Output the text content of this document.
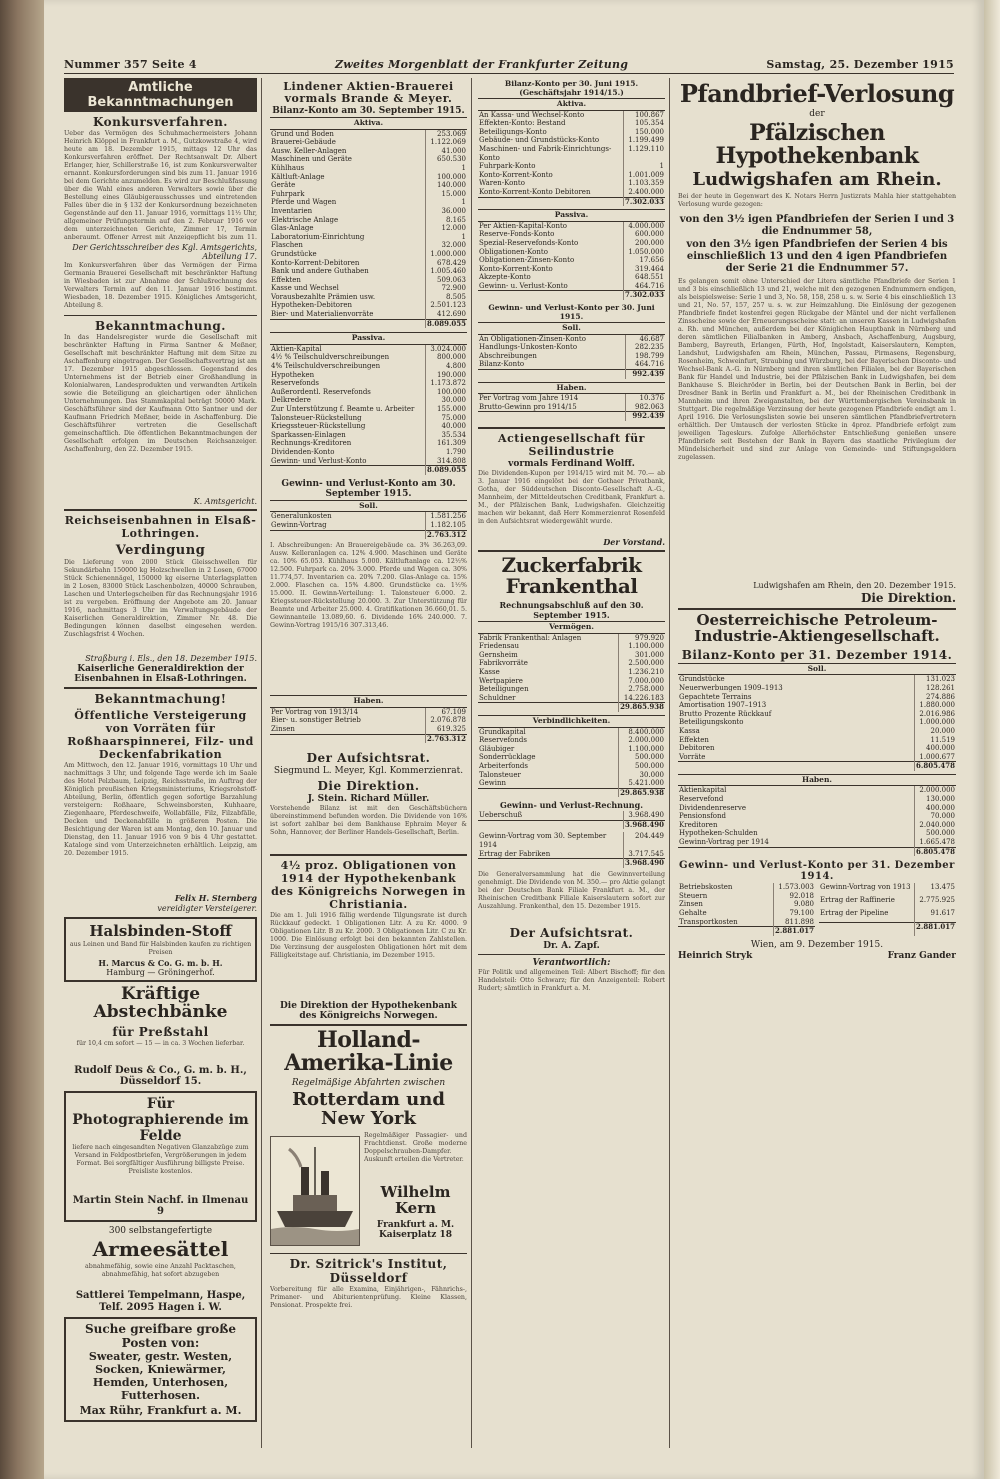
Nummer 357 Seite 4	Zweites Morgenblatt der Frankfurter Zeitung	Samstag, 25. Dezember 1915
Amtliche Bekanntmachungen
Konkursverfahren.
Ueber das Vermögen des Schuhmachermeisters Johann Heinrich Klöppel in Frankfurt a. M., Gutzkowstraße 4, wird heute am 18. Dezember 1915, mittags 12 Uhr das Konkursverfahren eröffnet. Der Rechtsanwalt Dr. Albert Erlanger, hier, Schillerstraße 16, ist zum Konkursverwalter ernannt. Konkursforderungen sind bis zum 11. Januar 1916 bei dem Gerichte anzumelden. Es wird zur Beschlußfassung über die Wahl eines anderen Verwalters sowie über die Bestellung eines Gläubigerausschusses und eintretenden Falles über die in § 132 der Konkursordnung bezeichneten Gegenstände auf den 11. Januar 1916, vormittags 11½ Uhr, allgemeiner Prüfungstermin auf den 2. Februar 1916 vor dem unterzeichneten Gerichte, Zimmer 17, Termin anberaumt. Offener Arrest mit Anzeigepflicht bis zum 11.
Der Gerichtsschreiber des Kgl. Amtsgerichts, Abteilung 17.
Im Konkursverfahren über das Vermögen der Firma Germania Brauerei Gesellschaft mit beschränkter Haftung in Wiesbaden ist zur Abnahme der Schlußrechnung des Verwalters Termin auf den 11. Januar 1916 bestimmt. Wiesbaden, 18. Dezember 1915. Königliches Amtsgericht, Abteilung 8.
Bekanntmachung.
In das Handelsregister wurde die Gesellschaft mit beschränkter Haftung in Firma Santner & Meßner, Gesellschaft mit beschränkter Haftung mit dem Sitze zu Aschaffenburg eingetragen. Der Gesellschaftsvertrag ist am 17. Dezember 1915 abgeschlossen. Gegenstand des Unternehmens ist der Betrieb einer Großhandlung in Kolonialwaren, Landesprodukten und verwandten Artikeln sowie die Beteiligung an gleichartigen oder ähnlichen Unternehmungen. Das Stammkapital beträgt 50000 Mark. Geschäftsführer sind der Kaufmann Otto Santner und der Kaufmann Friedrich Meßner, beide in Aschaffenburg. Die Geschäftsführer vertreten die Gesellschaft gemeinschaftlich. Die öffentlichen Bekanntmachungen der Gesellschaft erfolgen im Deutschen Reichsanzeiger. Aschaffenburg, den 22. Dezember 1915.
K. Amtsgericht.
Reichseisenbahnen in Elsaß-Lothringen.
Verdingung
Die Lieferung von 2000 Stück Gleisschwellen für Sekundärbahn 150000 kg Holzschwellen in 2 Losen, 67000 Stück Schienennägel, 150000 kg eiserne Unterlagsplatten in 2 Losen, 83000 Stück Laschenbolzen, 40000 Schrauben, Laschen und Unterlegscheiben für das Rechnungsjahr 1916 ist zu vergeben. Eröffnung der Angebote am 20. Januar 1916, nachmittags 3 Uhr im Verwaltungsgebäude der Kaiserlichen Generaldirektion, Zimmer Nr. 48. Die Bedingungen können daselbst eingesehen werden. Zuschlagsfrist 4 Wochen.
Straßburg i. Els., den 18. Dezember 1915.
Kaiserliche Generaldirektion der Eisenbahnen in Elsaß-Lothringen.
Bekanntmachung!
Öffentliche Versteigerung von Vorräten für Roßhaarspinnerei, Filz- und Deckenfabrikation
Am Mittwoch, den 12. Januar 1916, vormittags 10 Uhr und nachmittags 3 Uhr, und folgende Tage werde ich im Saale des Hotel Pelzbaum, Leipzig, Reichsstraße, im Auftrag der Königlich preußischen Kriegsministeriums, Kriegsrohstoff-Abteilung, Berlin, öffentlich gegen sofortige Barzahlung versteigern: Roßhaare, Schweinsborsten, Kuhhaare, Ziegenhaare, Pferdeschweife, Wollabfälle, Filz, Filzabfälle, Decken und Deckenabfälle in größeren Posten. Die Besichtigung der Waren ist am Montag, den 10. Januar und Dienstag, den 11. Januar 1916 von 9 bis 4 Uhr gestattet. Kataloge sind vom Unterzeichneten erhältlich. Leipzig, am 20. Dezember 1915.
Felix H. Sternberg
vereidigter Versteigerer.
Halsbinden-Stoff
aus Leinen und Band für Halsbinden kaufen zu richtigen Preisen
H. Marcus & Co. G. m. b. H.
Hamburg — Gröningerhof.
Kräftige Abstechbänke
für Preßstahl
für 10,4 cm sofort — 15 — in ca. 3 Wochen lieferbar.
Rudolf Deus & Co., G. m. b. H., Düsseldorf 15.
Für Photographierende im Felde
liefere nach eingesandten Negativen Glanzabzüge zum Versand in Feldpostbriefen, Vergrößerungen in jedem Format. Bei sorgfältiger Ausführung billigste Preise. Preisliste kostenlos.
Martin Stein Nachf. in Ilmenau 9
300 selbstangefertigte
Armeesättel
abnahmefähig, sowie eine Anzahl Packtaschen, abnahmefähig, hat sofort abzugeben
Sattlerei Tempelmann, Haspe,
Telf. 2095 Hagen i. W.
Suche greifbare große Posten von:
Sweater, gestr. Westen, Socken, Kniewärmer, Hemden, Unterhosen, Futterhosen.
Max Rühr, Frankfurt a. M.
Lindener Aktien-Brauerei vormals Brande & Meyer.
Bilanz-Konto am 30. September 1915.
Aktiva.	
Grund und Boden	253.069
Brauerei-Gebäude	1.122.069
Ausw. Keller-Anlagen	41.000
Maschinen und Geräte	650.530
Kühlhaus	1
Kältluft-Anlage	100.000
Geräte	140.000
Fuhrpark	15.000
Pferde und Wagen	1
Inventarien	36.000
Elektrische Anlage	8.165
Glas-Anlage	12.000
Laboratorium-Einrichtung	1
Flaschen	32.000
Grundstücke	1.000.000
Konto-Korrent-Debitoren	678.429
Bank und andere Guthaben	1.005.460
Effekten	509.063
Kasse und Wechsel	72.900
Vorausbezahlte Prämien usw.	8.505
Hypotheken-Debitoren	2.501.123
Bier- und Materialienvorräte	412.690
	8.089.055
Passiva.	
Aktien-Kapital	3.024.000
4½ % Teilschuldverschreibungen	800.000
4% Teilschuldverschreibungen	4.800
Hypotheken	190.000
Reservefonds	1.173.872
Außerordentl. Reservefonds	100.000
Delkredere	30.000
Zur Unterstützung f. Beamte u. Arbeiter	155.000
Talonsteuer-Rückstellung	75.000
Kriegssteuer-Rückstellung	40.000
Sparkassen-Einlagen	35.534
Rechnungs-Kreditoren	161.309
Dividenden-Konto	1.790
Gewinn- und Verlust-Konto	314.808
	8.089.055
Gewinn- und Verlust-Konto am 30. September 1915.
Soll.	
Generalunkosten	1.581.256
Gewinn-Vortrag	1.182.105
	2.763.312
I. Abschreibungen: An Brauereigebäude ca. 3% 36.263,09. Ausw. Kelleranlagen ca. 12% 4.900. Maschinen und Geräte ca. 10% 65.053. Kühlhaus 5.000. Kältluftanlage ca. 12½% 12.500. Fuhrpark ca. 20% 3.000. Pferde und Wagen ca. 30% 11.774,57. Inventarien ca. 20% 7.200. Glas-Anlage ca. 15% 2.000. Flaschen ca. 15% 4.800. Grundstücke ca. 1½% 15.000. II. Gewinn-Verteilung: 1. Talonsteuer 6.000. 2. Kriegssteuer-Rückstellung 20.000. 3. Zur Unterstützung für Beamte und Arbeiter 25.000. 4. Gratifikationen 36.660,01. 5. Gewinnanteile 13.089,60. 6. Dividende 16% 240.000. 7. Gewinn-Vortrag 1915/16 307.313,46.
Haben.	
Per Vortrag von 1913/14	67.109
Bier- u. sonstiger Betrieb	2.076.878
Zinsen	619.325
	2.763.312
Der Aufsichtsrat.
Siegmund L. Meyer, Kgl. Kommerzienrat.
Die Direktion.
J. Stein. Richard Müller.
Vorstehende Bilanz ist mit den Geschäftsbüchern übereinstimmend befunden worden. Die Dividende von 16% ist sofort zahlbar bei dem Bankhause Ephraim Meyer & Sohn, Hannover, der Berliner Handels-Gesellschaft, Berlin.
4½ proz. Obligationen von 1914 der Hypothekenbank des Königreichs Norwegen in Christiania.
Die am 1. Juli 1916 fällig werdende Tilgungsrate ist durch Rückkauf gedeckt. 1 Obligationen Litr. A zu Kr. 4000. 9 Obligationen Litr. B zu Kr. 2000. 3 Obligationen Litr. C zu Kr. 1000. Die Einlösung erfolgt bei den bekannten Zahlstellen. Die Verzinsung der ausgelosten Obligationen hört mit dem Fälligkeitstage auf. Christiania, im Dezember 1915.
Die Direktion der Hypothekenbank des Königreichs Norwegen.
Holland-Amerika-Linie
Regelmäßige Abfahrten zwischen
Rotterdam und New York
Regelmäßiger Passagier- und Frachtdienst. Große moderne Doppelschrauben-Dampfer. Auskunft erteilen die Vertreter.
Wilhelm Kern
Frankfurt a. M. Kaiserplatz 18
Dr. Szitrick's Institut, Düsseldorf
Vorbereitung für alle Examina, Einjährigen-, Fähnrichs-, Primaner- und Abiturientenprüfung. Kleine Klassen, Pensionat. Prospekte frei.
Bilanz-Konto per 30. Juni 1915. (Geschäftsjahr 1914/15.)
Aktiva.	
An Kassa- und Wechsel-Konto	100.867
Effekten-Konto: Bestand	105.354
Beteiligungs-Konto	150.000
Gebäude- und Grundstücks-Konto	1.199.499
Maschinen- und Fabrik-Einrichtungs-Konto	1.129.110
Fuhrpark-Konto	1
Konto-Korrent-Konto	1.001.009
Waren-Konto	1.103.359
Konto-Korrent-Konto Debitoren	2.400.000
	7.302.033
Passiva.	
Per Aktien-Kapital-Konto	4.000.000
Reserve-Fonds-Konto	600.000
Spezial-Reservefonds-Konto	200.000
Obligationen-Konto	1.050.000
Obligationen-Zinsen-Konto	17.656
Konto-Korrent-Konto	319.464
Akzepte-Konto	648.551
Gewinn- u. Verlust-Konto	464.716
	7.302.033
Gewinn- und Verlust-Konto per 30. Juni 1915.
Soll.	
An Obligationen-Zinsen-Konto	46.687
Handlungs-Unkosten-Konto	282.235
Abschreibungen	198.799
Bilanz-Konto	464.716
	992.439
Haben.	
Per Vortrag vom Jahre 1914	10.376
Brutto-Gewinn pro 1914/15	982.063
	992.439
Actiengesellschaft für Seilindustrie
vormals Ferdinand Wolff.
Die Dividenden-Kupon per 1914/15 wird mit M. 70.— ab 3. Januar 1916 eingelöst bei der Gothaer Privatbank, Gotha, der Süddeutschen Disconto-Gesellschaft A.-G., Mannheim, der Mitteldeutschen Creditbank, Frankfurt a. M., der Pfälzischen Bank, Ludwigshafen. Gleichzeitig machen wir bekannt, daß Herr Kommerzienrat Rosenfeld in den Aufsichtsrat wiedergewählt wurde.
Der Vorstand.
Zuckerfabrik Frankenthal
Rechnungsabschluß auf den 30. September 1915.
Vermögen.	
Fabrik Frankenthal: Anlagen	979.920
Friedensau	1.100.000
Gernsheim	301.000
Fabrikvorräte	2.500.000
Kasse	1.236.210
Wertpapiere	7.000.000
Beteiligungen	2.758.000
Schuldner	14.226.183
	29.865.938
Verbindlichkeiten.	
Grundkapital	8.400.000
Reservefonds	2.000.000
Gläubiger	1.100.000
Sonderrücklage	500.000
Arbeiterfonds	500.000
Talonsteuer	30.000
Gewinn	5.421.000
	29.865.938
Gewinn- und Verlust-Rechnung.
Ueberschuß	3.968.490
	3.968.490
Gewinn-Vortrag vom 30. September 1914	204.449
Ertrag der Fabriken	3.717.545
	3.968.490
Die Generalversammlung hat die Gewinnverteilung genehmigt. Die Dividende von M. 350.— pro Aktie gelangt bei der Deutschen Bank Filiale Frankfurt a. M., der Rheinischen Creditbank Filiale Kaiserslautern sofort zur Auszahlung. Frankenthal, den 15. Dezember 1915.
Der Aufsichtsrat.
Dr. A. Zapf.
Verantwortlich:
Für Politik und allgemeinen Teil: Albert Bischoff; für den Handelsteil: Otto Schwarz; für den Anzeigenteil: Robert Rudert; sämtlich in Frankfurt a. M.
Pfandbrief-Verlosung
der
Pfälzischen Hypothekenbank
Ludwigshafen am Rhein.
Bei der heute in Gegenwart des K. Notars Herrn Justizrats Mahla hier stattgehabten Verlosung wurde gezogen:
von den 3½ igen Pfandbriefen der Serien I und 3 die Endnummer 58,
von den 3½ igen Pfandbriefen der Serien 4 bis einschließlich 13 und den 4 igen Pfandbriefen der Serie 21 die Endnummer 57.
Es gelangen somit ohne Unterschied der Litera sämtliche Pfandbriefe der Serien 1 und 3 bis einschließlich 13 und 21, welche mit den gezogenen Endnummern endigen, als beispielsweise: Serie 1 und 3, No. 58, 158, 258 u. s. w. Serie 4 bis einschließlich 13 und 21, No. 57, 157, 257 u. s. w. zur Heimzahlung. Die Einlösung der gezogenen Pfandbriefe findet kostenfrei gegen Rückgabe der Mäntel und der nicht verfallenen Zinsscheine sowie der Erneuerungsscheine statt: an unseren Kassen in Ludwigshafen a. Rh. und München, außerdem bei der Königlichen Hauptbank in Nürnberg und deren sämtlichen Filialbanken in Amberg, Ansbach, Aschaffenburg, Augsburg, Bamberg, Bayreuth, Erlangen, Fürth, Hof, Ingolstadt, Kaiserslautern, Kempten, Landshut, Ludwigshafen am Rhein, München, Passau, Pirmasens, Regensburg, Rosenheim, Schweinfurt, Straubing und Würzburg, bei der Bayerischen Disconto- und Wechsel-Bank A.-G. in Nürnberg und ihren sämtlichen Filialen, bei der Bayerischen Bank für Handel und Industrie, bei der Pfälzischen Bank in Ludwigshafen, bei dem Bankhause S. Bleichröder in Berlin, bei der Deutschen Bank in Berlin, bei der Dresdner Bank in Berlin und Frankfurt a. M., bei der Rheinischen Creditbank in Mannheim und ihren Zweiganstalten, bei der Württembergischen Vereinsbank in Stuttgart. Die regelmäßige Verzinsung der heute gezogenen Pfandbriefe endigt am 1. April 1916. Die Verlosungslisten sowie bei unseren sämtlichen Pfandbriefvertretern erhältlich. Der Umtausch der verlosten Stücke in 4proz. Pfandbriefe erfolgt zum jeweiligen Tageskurs. Zufolge Allerhöchster Entschließung genießen unsere Pfandbriefe seit Bestehen der Bank in Bayern das staatliche Privilegium der Mündelsicherheit und sind zur Anlage von Gemeinde- und Stiftungsgeldern zugelassen.
Ludwigshafen am Rhein, den 20. Dezember 1915.
Die Direktion.
Oesterreichische Petroleum-Industrie-Aktiengesellschaft.
Bilanz-Konto per 31. Dezember 1914.
Soll.	
Grundstücke	131.023
Neuerwerbungen 1909–1913	128.261
Gepachtete Terrains	274.886
Amortisation 1907–1913	1.880.000
Brutto Prozente Rückkauf	2.016.986
Beteiligungskonto	1.000.000
Kassa	20.000
Effekten	11.519
Debitoren	400.000
Vorräte	1.000.677
	6.805.478
Haben.	
Aktienkapital	2.000.000
Reservefond	130.000
Dividendenreserve	400.000
Pensionsfond	70.000
Kreditoren	2.040.000
Hypotheken-Schulden	500.000
Gewinn-Vortrag per 1914	1.665.478
	6.805.478
Gewinn- und Verlust-Konto per 31. Dezember 1914.
Betriebskosten	1.573.003
Steuern	92.018
Zinsen	9.080
Gehalte	79.100
Transportkosten	811.898
	2.881.017
Gewinn-Vortrag von 1913	13.475
Ertrag der Raffinerie	2.775.925
Ertrag der Pipeline	91.617
	2.881.017
Wien, am 9. Dezember 1915.
Heinrich Stryk	Franz Gander
